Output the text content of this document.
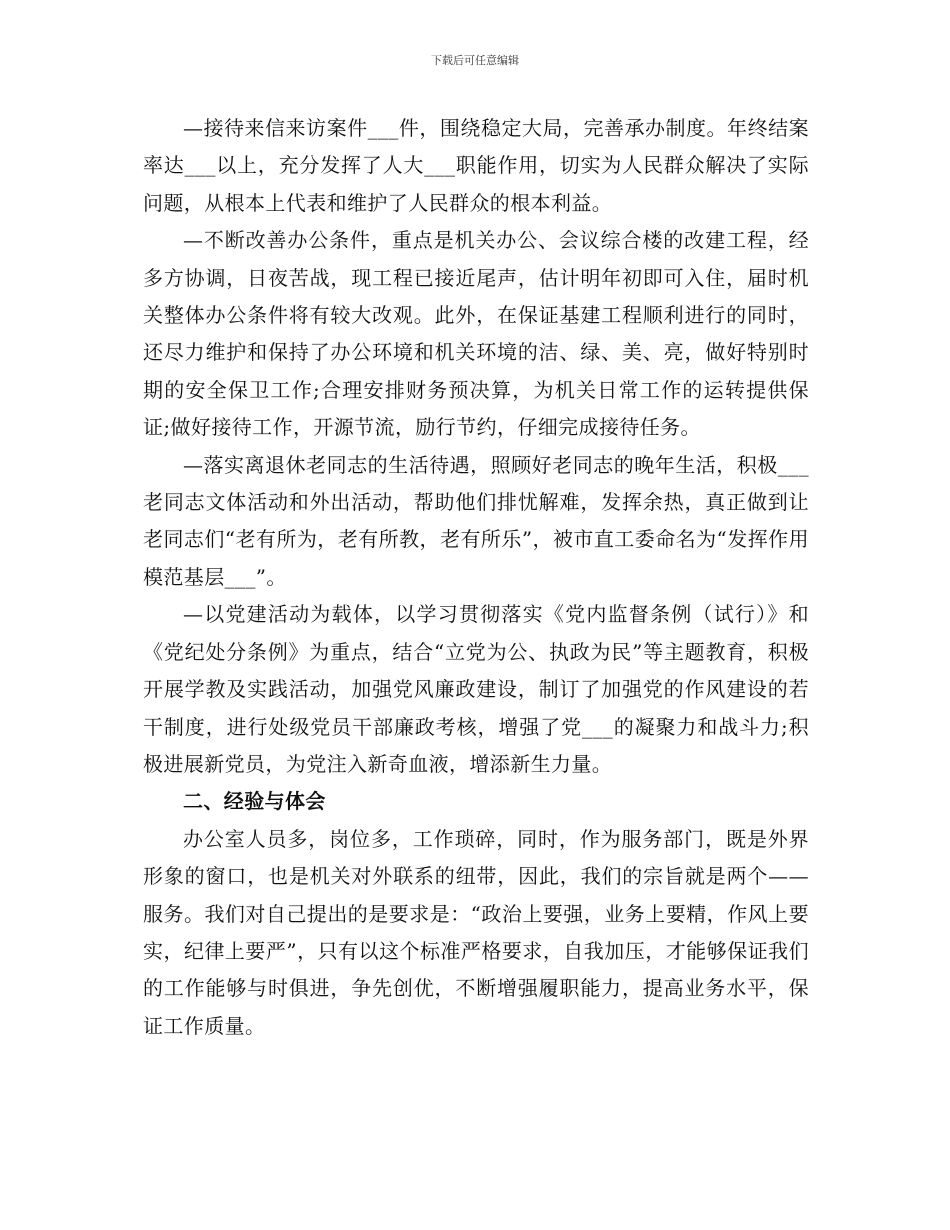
下载后可任意编辑

—接待来信来访案件___件，围绕稳定大局，完善承办制度。年终结案率达___以上，充分发挥了人大___职能作用，切实为人民群众解决了实际问题，从根本上代表和维护了人民群众的根本利益。

—不断改善办公条件，重点是机关办公、会议综合楼的改建工程，经多方协调，日夜苦战，现工程已接近尾声，估计明年初即可入住，届时机关整体办公条件将有较大改观。此外，在保证基建工程顺利进行的同时，还尽力维护和保持了办公环境和机关环境的洁、绿、美、亮，做好特别时期的安全保卫工作;合理安排财务预决算，为机关日常工作的运转提供保证;做好接待工作，开源节流，励行节约，仔细完成接待任务。

—落实离退休老同志的生活待遇，照顾好老同志的晚年生活，积极___老同志文体活动和外出活动，帮助他们排忧解难，发挥余热，真正做到让老同志们“老有所为，老有所教，老有所乐”，被市直工委命名为“发挥作用模范基层___”。

—以党建活动为载体，以学习贯彻落实《党内监督条例（试行）》和《党纪处分条例》为重点，结合“立党为公、执政为民”等主题教育，积极开展学教及实践活动，加强党风廉政建设，制订了加强党的作风建设的若干制度，进行处级党员干部廉政考核，增强了党___的凝聚力和战斗力;积极进展新党员，为党注入新奇血液，增添新生力量。

二、经验与体会

办公室人员多，岗位多，工作琐碎，同时，作为服务部门，既是外界形象的窗口，也是机关对外联系的纽带，因此，我们的宗旨就是两个——服务。我们对自己提出的是要求是：“政治上要强，业务上要精，作风上要实，纪律上要严”，只有以这个标准严格要求，自我加压，才能够保证我们的工作能够与时俱进，争先创优，不断增强履职能力，提高业务水平，保证工作质量。
